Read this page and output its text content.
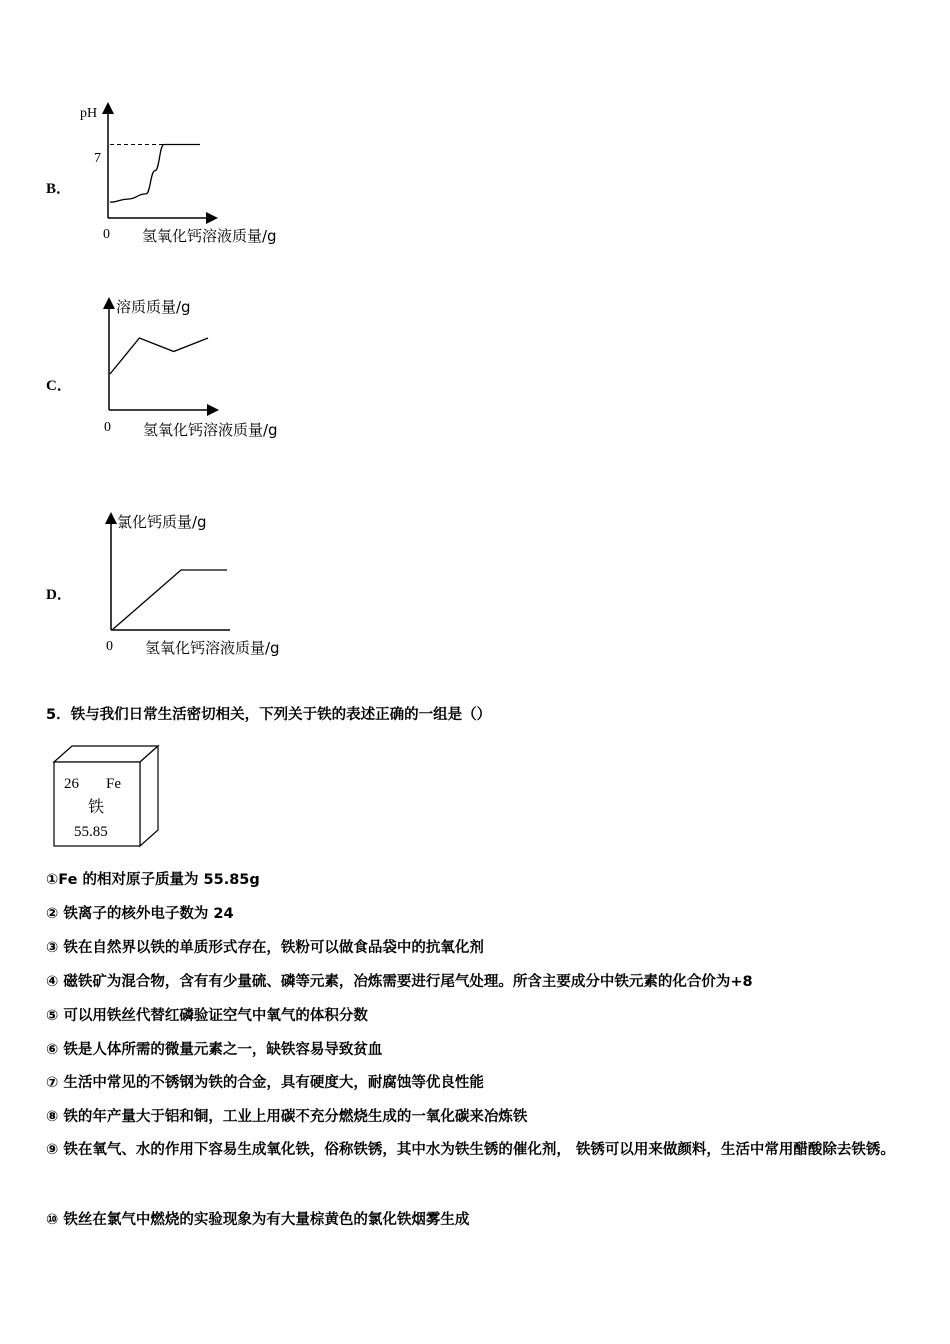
B．
pH
7
0 氢氧化钙溶液质量/g
C．
溶质质量/g
0 氢氧化钙溶液质量/g
D．
氯化钙质量/g
0 氢氧化钙溶液质量/g
5．铁与我们日常生活密切相关，下列关于铁的表述正确的一组是（）
26 Fe
铁
55.85
①Fe 的相对原子质量为 55.85g
② 铁离子的核外电子数为 24
③ 铁在自然界以铁的单质形式存在，铁粉可以做食品袋中的抗氧化剂
④ 磁铁矿为混合物，含有有少量硫、磷等元素，冶炼需要进行尾气处理。所含主要成分中铁元素的化合价为+8
⑤ 可以用铁丝代替红磷验证空气中氧气的体积分数
⑥ 铁是人体所需的微量元素之一，缺铁容易导致贫血
⑦ 生活中常见的不锈钢为铁的合金，具有硬度大，耐腐蚀等优良性能
⑧ 铁的年产量大于铝和铜，工业上用碳不充分燃烧生成的一氧化碳来冶炼铁
⑨ 铁在氧气、水的作用下容易生成氧化铁，俗称铁锈，其中水为铁生锈的催化剂， 铁锈可以用来做颜料，生活中常用醋酸除去铁锈。
⑩ 铁丝在氯气中燃烧的实验现象为有大量棕黄色的氯化铁烟雾生成
